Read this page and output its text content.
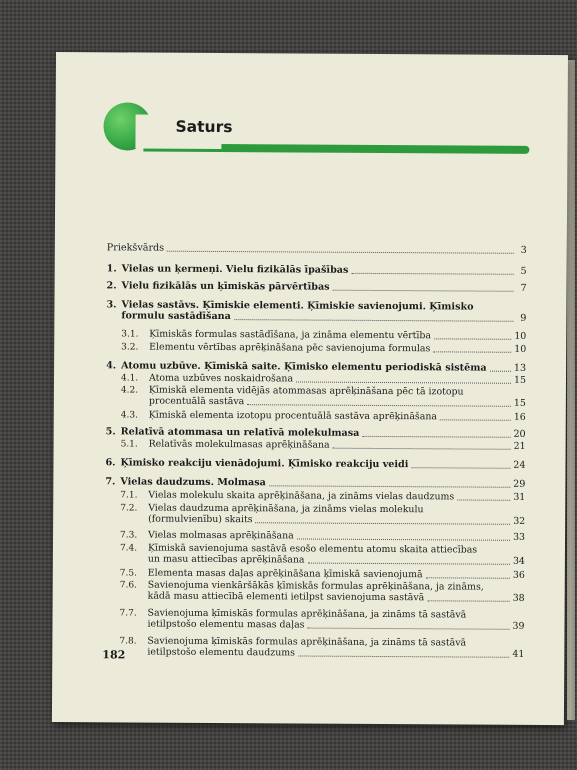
Saturs
Priekšvārds	3
1. Vielas un ķermeņi. Vielu fizikālās īpašības	5
2. Vielu fizikālās un ķīmiskās pārvērtības	7
3. Vielas sastāvs. Ķīmiskie elementi. Ķīmiskie savienojumi. Ķīmisko
formulu sastādīšana	9
3.1.	Ķīmiskās formulas sastādīšana, ja zināma elementu vērtība	10
3.2.	Elementu vērtības aprēķināšana pēc savienojuma formulas	10
4. Atomu uzbūve. Ķīmiskā saite. Ķīmisko elementu periodiskā sistēma	13
4.1.	Atoma uzbūves noskaidrošana	15
4.2.	Ķīmiskā elementa vidējās atommasas aprēķināšana pēc tā izotopu
procentuālā sastāva	15
4.3.	Ķīmiskā elementa izotopu procentuālā sastāva aprēķināšana	16
5. Relatīvā atommasa un relatīvā molekulmasa	20
5.1.	Relatīvās molekulmasas aprēķināšana	21
6. Ķīmisko reakciju vienādojumi. Ķīmisko reakciju veidi	24
7. Vielas daudzums. Molmasa	29
7.1.	Vielas molekulu skaita aprēķināšana, ja zināms vielas daudzums	31
7.2.	Vielas daudzuma aprēķināšana, ja zināms vielas molekulu
(formulvienību) skaits	32
7.3.	Vielas molmasas aprēķināšana	33
7.4.	Ķīmiskā savienojuma sastāvā esošo elementu atomu skaita attiecības
un masu attiecības aprēķināšana	34
7.5.	Elementa masas daļas aprēķināšana ķīmiskā savienojumā	36
7.6.	Savienojuma vienkāršākās ķīmiskās formulas aprēķināšana, ja zināms,
kādā masu attiecībā elementi ietilpst savienojuma sastāvā	38
7.7.	Savienojuma ķīmiskās formulas aprēķināšana, ja zināms tā sastāvā
ietilpstošo elementu masas daļas	39
7.8.	Savienojuma ķīmiskās formulas aprēķināšana, ja zināms tā sastāvā
ietilpstošo elementu daudzums	41
182
